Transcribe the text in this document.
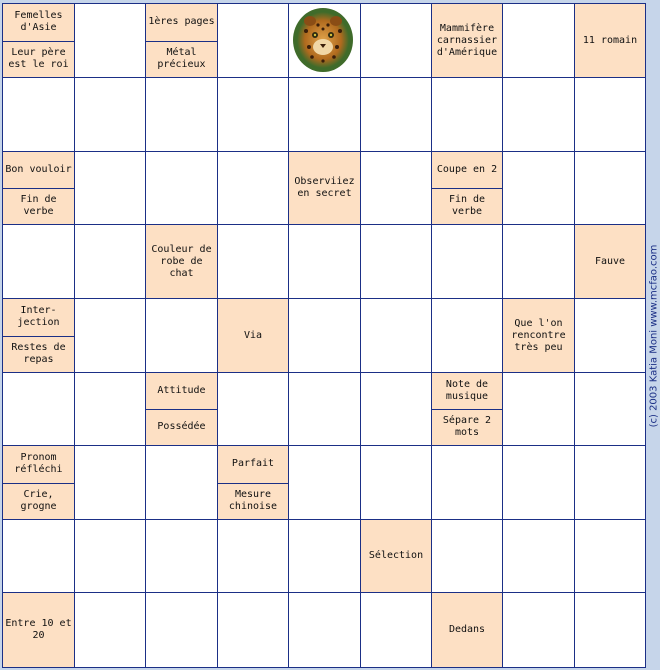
Femelles d'Asie
Leur père est le roi
1ères pages
Métal précieux
Mammifère carnassier d'Amérique
11 romain
Bon vouloir
Fin de verbe
Observiiez en secret
Coupe en 2
Fin de verbe
Couleur de robe de chat
Fauve
Inter-jection
Restes de repas
Via
Que l'on rencontre très peu
Attitude
Possédée
Note de musique
Sépare 2 mots
Pronom réfléchi
Crie, grogne
Parfait
Mesure chinoise
Sélection
Entre 10 et 20
Dedans
(c) 2003 Katia Moni www.mcfao.com
